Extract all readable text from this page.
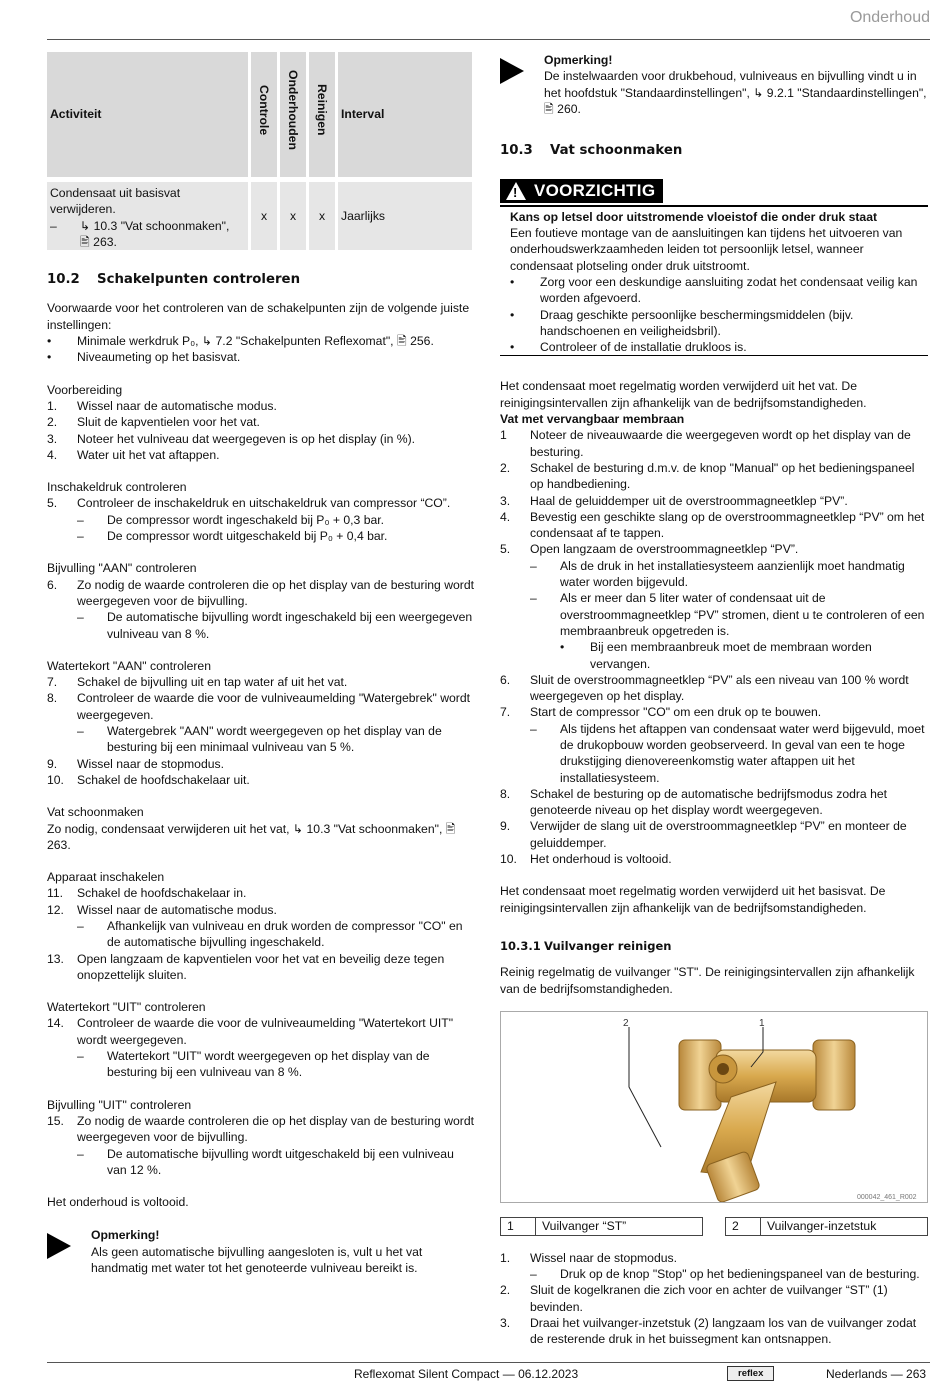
Onderhoud
Activiteit	Controle	Onderhouden	Reinigen	Interval

Condensaat uit basisvat verwijderen.
– ↳ 10.3 "Vat schoonmaken",
🖹 263.	x	x	x	Jaarlijks
10.2 Schakelpunten controleren

Voorwaarde voor het controleren van de schakelpunten zijn de volgende juiste instellingen:

•	Minimale werkdruk P₀, ↳ 7.2 "Schakelpunten Reflexomat", 🖹 256.
•	Niveaumeting op het basisvat.

Voorbereiding

1.	Wissel naar de automatische modus.
2.	Sluit de kapventielen voor het vat.
3.	Noteer het vulniveau dat weergegeven is op het display (in %).
4.	Water uit het vat aftappen.

Inschakeldruk controleren

5.	Controleer de inschakeldruk en uitschakeldruk van compressor “CO”.
–	De compressor wordt ingeschakeld bij P₀ + 0,3 bar.
–	De compressor wordt uitgeschakeld bij P₀ + 0,4 bar.

Bijvulling "AAN" controleren

6.	Zo nodig de waarde controleren die op het display van de besturing wordt weergegeven voor de bijvulling.
–	De automatische bijvulling wordt ingeschakeld bij een weergegeven vulniveau van 8 %.

Watertekort "AAN" controleren

7.	Schakel de bijvulling uit en tap water af uit het vat.
8.	Controleer de waarde die voor de vulniveaumelding "Watergebrek" wordt weergegeven.
–	Watergebrek "AAN" wordt weergegeven op het display van de besturing bij een minimaal vulniveau van 5 %.
9.	Wissel naar de stopmodus.
10.	Schakel de hoofdschakelaar uit.

Vat schoonmaken

Zo nodig, condensaat verwijderen uit het vat, ↳ 10.3 "Vat schoonmaken", 🖹 263.

Apparaat inschakelen

11.	Schakel de hoofdschakelaar in.
12.	Wissel naar de automatische modus.
–	Afhankelijk van vulniveau en druk worden de compressor "CO" en de automatische bijvulling ingeschakeld.
13.	Open langzaam de kapventielen voor het vat en beveilig deze tegen onopzettelijk sluiten.

Watertekort "UIT" controleren

14.	Controleer de waarde die voor de vulniveaumelding "Watertekort UIT" wordt weergegeven.
–	Watertekort "UIT" wordt weergegeven op het display van de besturing bij een vulniveau van 8 %.

Bijvulling "UIT" controleren

15.	Zo nodig de waarde controleren die op het display van de besturing wordt weergegeven voor de bijvulling.
–	De automatische bijvulling wordt uitgeschakeld bij een vulniveau van 12 %.

Het onderhoud is voltooid.

Opmerking!
Als geen automatische bijvulling aangesloten is, vult u het vat handmatig met water tot het genoteerde vulniveau bereikt is.
Opmerking!
De instelwaarden voor drukbehoud, vulniveaus en bijvulling vindt u in het hoofdstuk "Standaardinstellingen", ↳ 9.2.1 "Standaardinstellingen", 🖹 260.
10.3 Vat schoonmaken
! VOORZICHTIG
Kans op letsel door uitstromende vloeistof die onder druk staat
Een foutieve montage van de aansluitingen kan tijdens het uitvoeren van onderhoudswerkzaamheden leiden tot persoonlijk letsel, wanneer condensaat plotseling onder druk uitstroomt.
•	Zorg voor een deskundige aansluiting zodat het condensaat veilig kan worden afgevoerd.
•	Draag geschikte persoonlijke beschermingsmiddelen (bijv. handschoenen en veiligheidsbril).
•	Controleer of de installatie drukloos is.

Het condensaat moet regelmatig worden verwijderd uit het vat. De reinigingsintervallen zijn afhankelijk van de bedrijfsomstandigheden.

Vat met vervangbaar membraan

1	Noteer de niveauwaarde die weergegeven wordt op het display van de besturing.
2.	Schakel de besturing d.m.v. de knop "Manual" op het bedieningspaneel op handbediening.
3.	Haal de geluiddemper uit de overstroommagneetklep “PV”.
4.	Bevestig een geschikte slang op de overstroommagneetklep “PV” om het condensaat af te tappen.
5.	Open langzaam de overstroommagneetklep “PV”.
–	Als de druk in het installatiesysteem aanzienlijk moet handmatig water worden bijgevuld.
–	Als er meer dan 5 liter water of condensaat uit de overstroommagneetklep “PV” stromen, dient u te controleren of een membraanbreuk opgetreden is.
•	Bij een membraanbreuk moet de membraan worden vervangen.
6.	Sluit de overstroommagneetklep “PV” als een niveau van 100 % wordt weergegeven op het display.
7.	Start de compressor "CO" om een druk op te bouwen.
–	Als tijdens het aftappen van condensaat water werd bijgevuld, moet de drukopbouw worden geobserveerd. In geval van een te hoge drukstijging dienovereenkomstig water aftappen uit het installatiesysteem.
8.	Schakel de besturing op de automatische bedrijfsmodus zodra het genoteerde niveau op het display wordt weergegeven.
9.	Verwijder de slang uit de overstroommagneetklep “PV” en monteer de geluiddemper.
10.	Het onderhoud is voltooid.

Het condensaat moet regelmatig worden verwijderd uit het basisvat. De reinigingsintervallen zijn afhankelijk van de bedrijfsomstandigheden.

10.3.1 Vuilvanger reinigen

Reinig regelmatig de vuilvanger "ST". De reinigingsintervallen zijn afhankelijk van de bedrijfsomstandigheden.

2	1
000042_461_R002
1	Vuilvanger “ST”	2	Vuilvanger-inzetstuk
1.	Wissel naar de stopmodus.
–	Druk op de knop "Stop" op het bedieningspaneel van de besturing.
2.	Sluit de kogelkranen die zich voor en achter de vuilvanger “ST” (1) bevinden.
3.	Draai het vuilvanger-inzetstuk (2) langzaam los van de vuilvanger zodat de resterende druk in het buissegment kan ontsnappen.
Reflexomat Silent Compact — 06.12.2023	reflex	Nederlands — 263
